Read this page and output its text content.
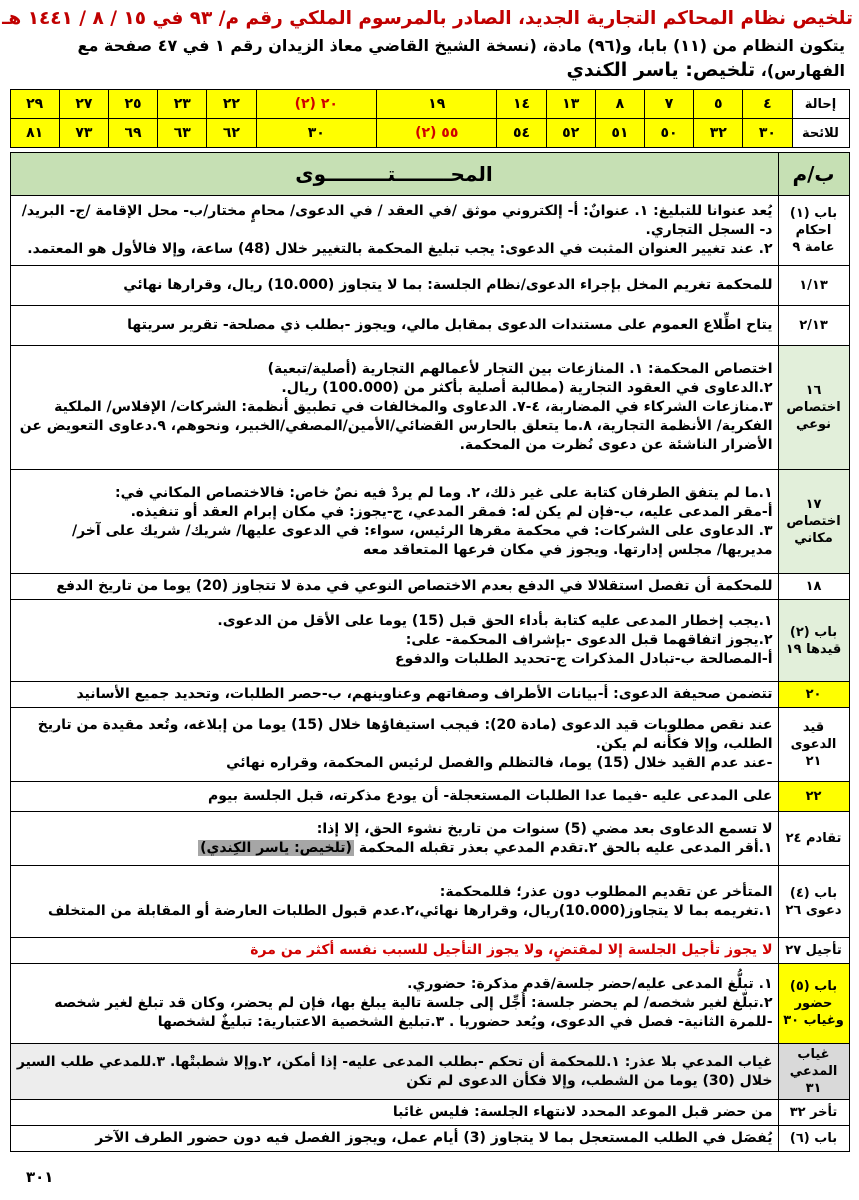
تلخيص نظام المحاكم التجارية الجديد، الصادر بالمرسوم الملكي رقم م/ ٩٣ في ١٥ / ٨ / ١٤٤١ هـ
يتكون النظام من (١١) بابا، و(٩٦) مادة، (نسخة الشيخ القاضي معاذ الزيدان رقم ١ في ٤٧ صفحة مع
الفهارس)، تلخيص: ياسر الكندي
إحالة	٤	٥	٧	٨	١٣	١٤	١٩	٢٠ (٢)	٢٢	٢٣	٢٥	٢٧	٢٩
للائحة	٣٠	٣٢	٥٠	٥١	٥٢	٥٤	٥٥ (٢)	٣٠	٦٢	٦٣	٦٩	٧٣	٨١
ب/م	المحــــــــتـــــــــوى
باب (١) احكام عامة ٩	يُعد عنوانا للتبليغ: ١. عنوانٌ: أ- إلكتروني موثق /في العقد / في الدعوى/ محامٍ مختار/ب- محل الإقامة /ج- البريد/ د- السجل التجاري.
٢. عند تغيير العنوان المثبت في الدعوى: يجب تبليغ المحكمة بالتغيير خلال (48) ساعة، وإلا فالأول هو المعتمد.

١/١٣	للمحكمة تغريم المخل بإجراء الدعوى/نظام الجلسة: بما لا يتجاوز (10.000) ريال، وقرارها نهائي
٢/١٣	يتاح اطِّلاع العموم على مستندات الدعوى بمقابل مالي، ويجوز -بطلب ذي مصلحة- تقرير سريتها
١٦ اختصاص نوعي	اختصاص المحكمة: ١. المنازعات بين التجار لأعمالهم التجارية (أصلية/تبعية)
٢.الدعاوى في العقود التجارية (مطالبة أصلية بأكثر من (100.000) ريال.
٣.منازعات الشركاء في المضاربة، ٤-٧. الدعاوى والمخالفات في تطبيق أنظمة: الشركات/ الإفلاس/ الملكية الفكرية/ الأنظمة التجارية، ٨.ما يتعلق بالحارس القضائي/الأمين/المصفي/الخبير، ونحوهم، ٩.دعاوى التعويض عن الأضرار الناشئة عن دعوى نُظرت من المحكمة.

١٧ اختصاص مكاني	١.ما لم يتفق الطرفان كتابة على غير ذلك، ٢. وما لم يردْ فيه نصٌ خاص: فالاختصاص المكاني في:
أ-مقر المدعى عليه، ب-فإن لم يكن له: فمقر المدعي، ج-يجوز: في مكان إبرام العقد أو تنفيذه.
٣. الدعاوى على الشركات: في محكمة مقرها الرئيس، سواء: في الدعوى عليها/ شريك/ شريك على آخر/ مديريها/ مجلس إدارتها. ويجوز في مكان فرعها المتعاقد معه

١٨	للمحكمة أن تفصل استقلالا في الدفع بعدم الاختصاص النوعي في مدة لا تتجاوز (20) يوما من تاريخ الدفع
باب (٢) قيدها ١٩	١.يجب إخطار المدعى عليه كتابة بأداء الحق قبل (15) يوما على الأقل من الدعوى.
٢.يجوز اتفاقهما قبل الدعوى -بإشراف المحكمة- على:
أ-المصالحة ب-تبادل المذكرات ج-تحديد الطلبات والدفوع

٢٠	تتضمن صحيفة الدعوى: أ-بيانات الأطراف وصفاتهم وعناوينهم، ب-حصر الطلبات، وتحديد جميع الأسانيد
قيد الدعوى ٢١	عند نقص مطلوبات قيد الدعوى (مادة 20): فيجب استيفاؤها خلال (15) يوما من إبلاغه، وتُعد مقيدة من تاريخ الطلب، وإلا فكأنه لم يكن.
-عند عدم القيد خلال (15) يوما، فالتظلم والفصل لرئيس المحكمة، وقراره نهائي

٢٢	على المدعى عليه -فيما عدا الطلبات المستعجلة- أن يودع مذكرته، قبل الجلسة بيوم
تقادم ٢٤	لا تسمع الدعاوى بعد مضي (5) سنوات من تاريخ نشوء الحق، إلا إذا:
١.أقر المدعى عليه بالحق ٢.تقدم المدعي بعذر تقبله المحكمة (تلخيص: ياسر الكِندي)

باب (٤) دعوى ٢٦	المتأخر عن تقديم المطلوب دون عذر؛ فللمحكمة:
١.تغريمه بما لا يتجاوز(10.000)ريال، وقرارها نهائي،٢.عدم قبول الطلبات العارضة أو المقابلة من المتخلف

تأجيل ٢٧	لا يجوز تأجيل الجلسة إلا لمقتضٍ، ولا يجوز التأجيل للسبب نفسه أكثر من مرة
باب (٥) حضور وغياب ٣٠	١. تبلُّغ المدعى عليه/حضر جلسة/قدم مذكرة: حضوري.
٢.تبلّغ لغير شخصه/ لم يحضر جلسة: أُجِّل إلى جلسة تالية يبلغ بها، فإن لم يحضر، وكان قد تبلغ لغير شخصه -للمرة الثانية- فصل في الدعوى، ويُعد حضوريا . ٣.تبليغ الشخصية الاعتبارية: تبليغٌ لشخصها

غياب المدعي ٣١	غياب المدعي بلا عذر: ١.للمحكمة أن تحكم -بطلب المدعى عليه- إذا أمكن، ٢.وإلا شطبتْها. ٣.للمدعي طلب السير خلال (30) يوما من الشطب، وإلا فكأن الدعوى لم تكن
تأخر ٣٢	من حضر قبل الموعد المحدد لانتهاء الجلسة: فليس غائبا
باب (٦)	يُفصَل في الطلب المستعجل بما لا يتجاوز (3) أيام عمل، ويجوز الفصل فيه دون حضور الطرف الآخر
٣٠١
